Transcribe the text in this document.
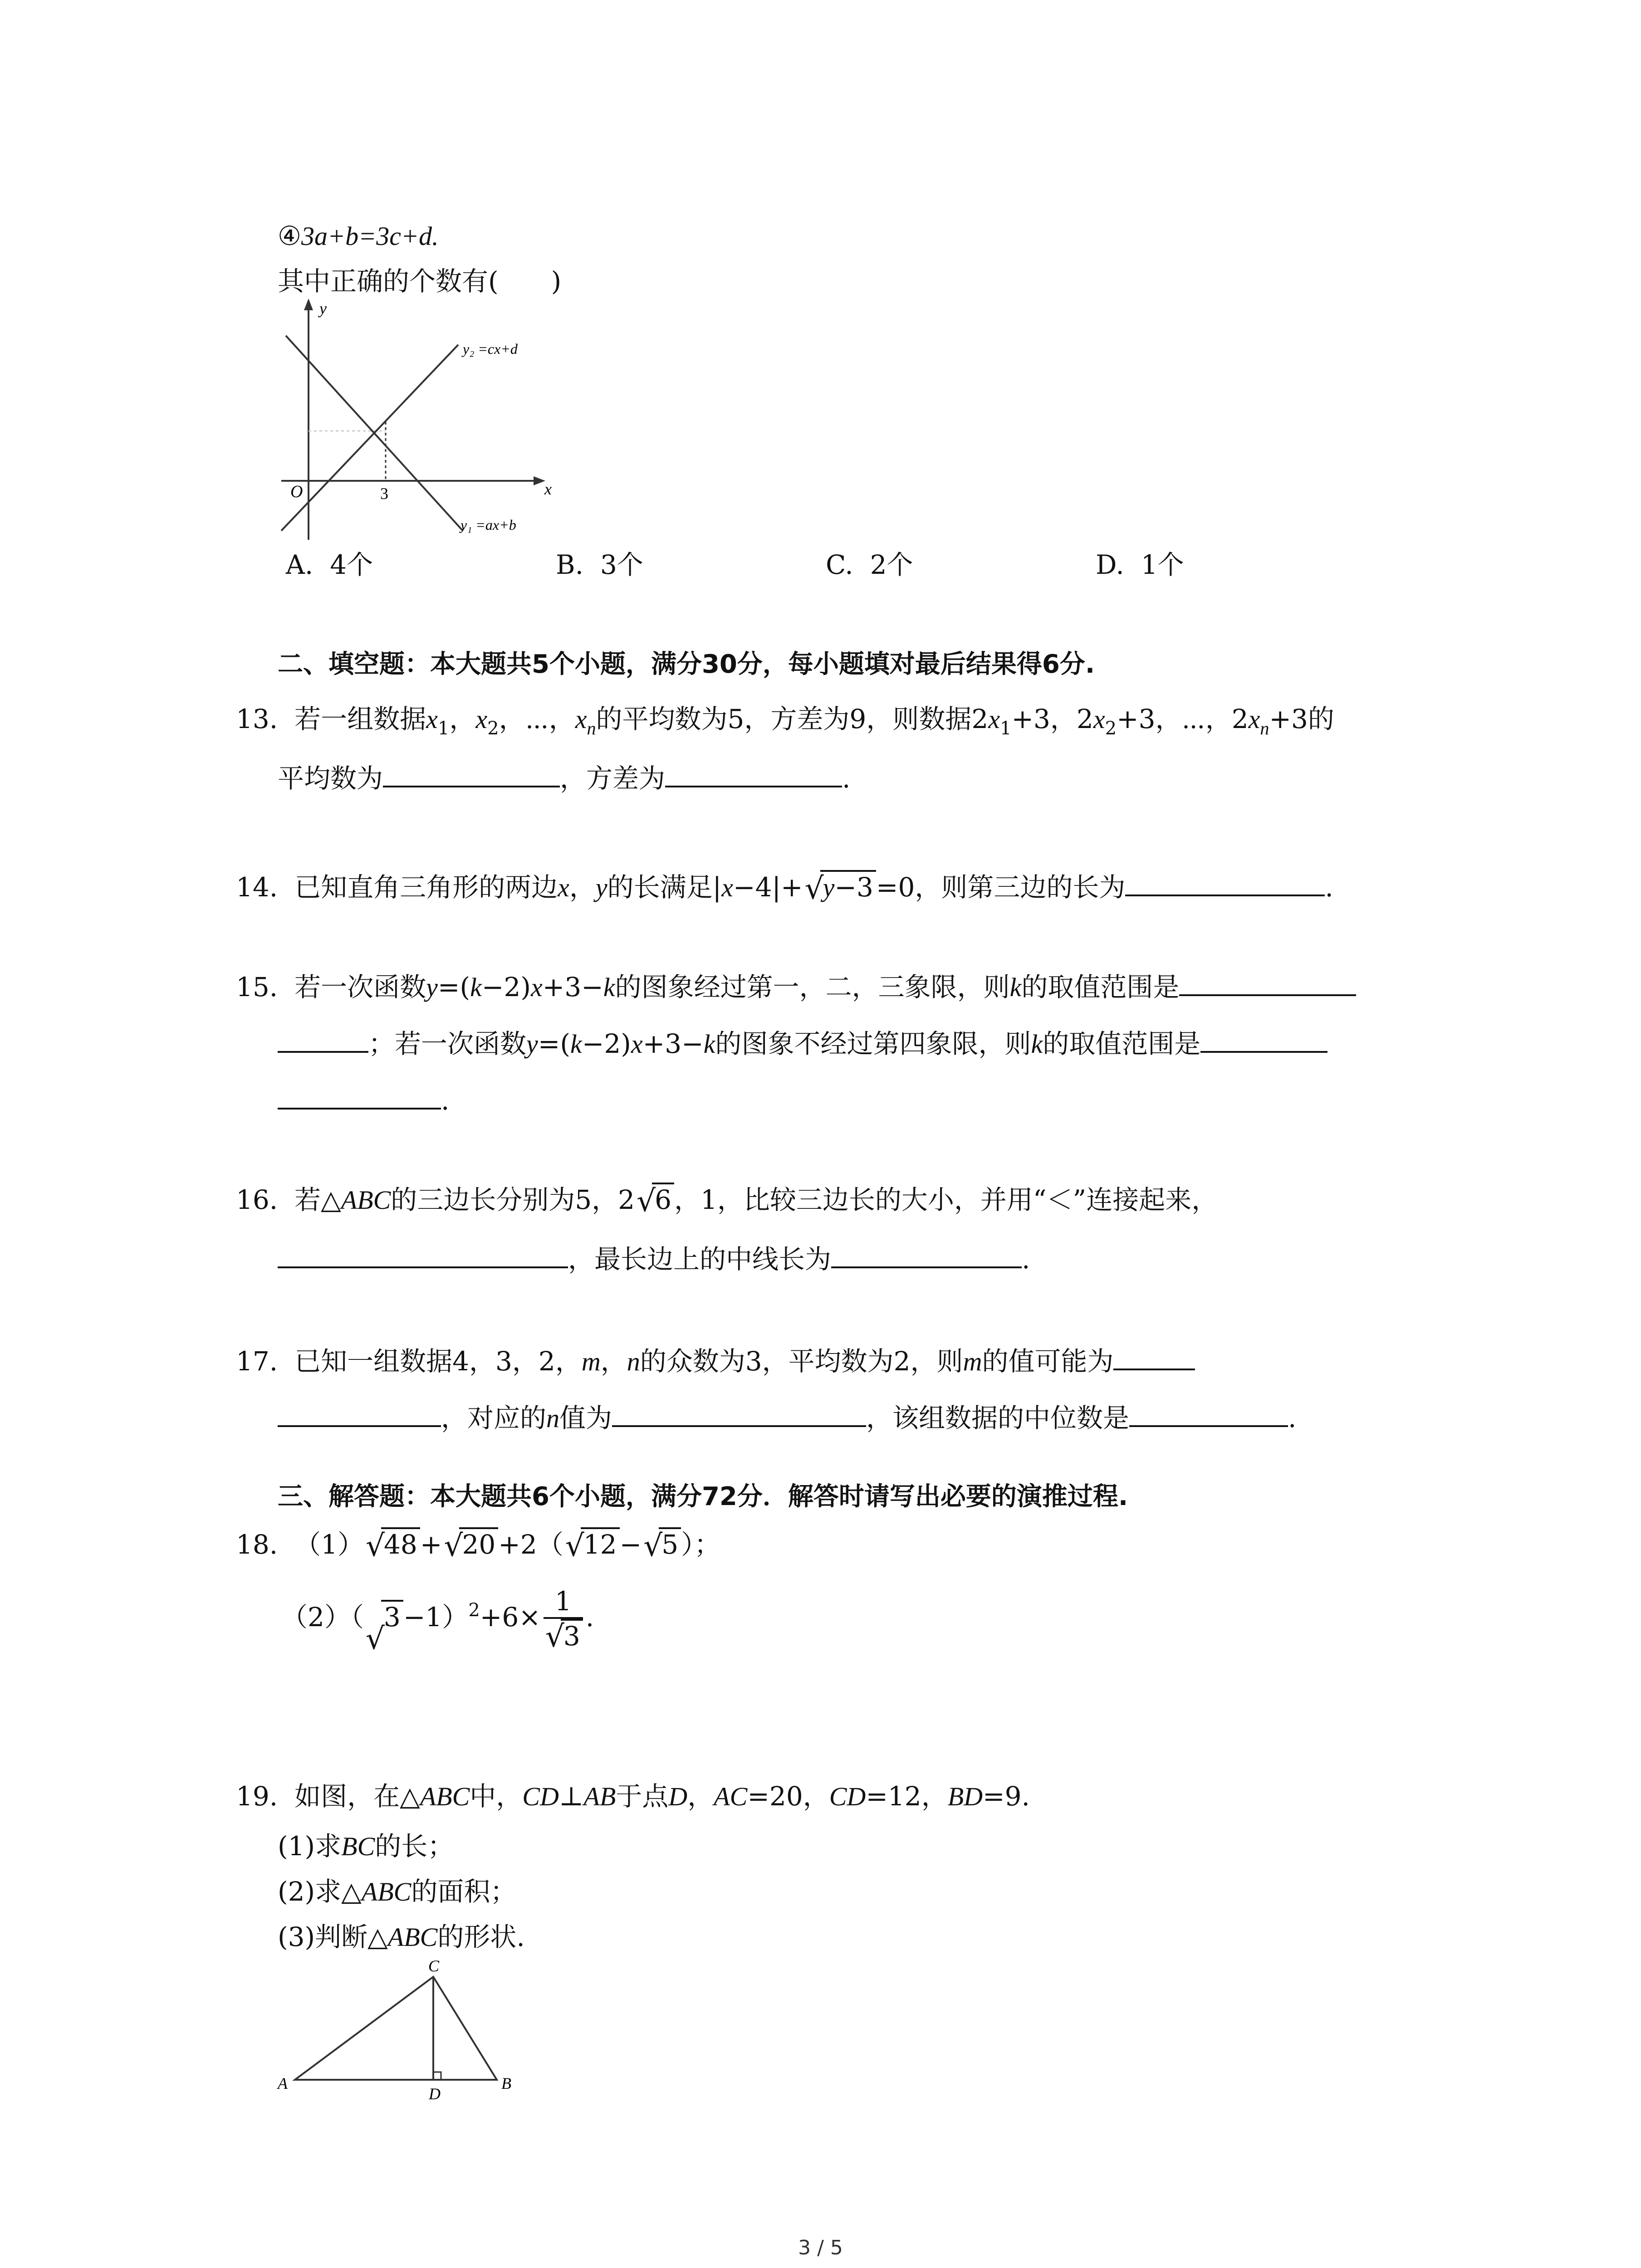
④3a+b=3c+d.
其中正确的个数有(　　)
y
x
O	3
y₂ =cx+d
y₁ =ax+b
A. 4个	B. 3个	C. 2个	D. 1个
二、填空题：本大题共5个小题，满分30分，每小题填对最后结果得6分.
13. 若一组数据$x_1$，$x_2$，⋯，$x_n$的平均数为5，方差为9，则数据$2x_1+3$，$2x_2+3$，⋯，$2x_n+3$的
平均数为	，方差为	.
14. 已知直角三角形的两边x，y的长满足|x−4|+ √
y−3 =0，则第三边的长为	.
15. 若一次函数y=(k−2)x+3−k的图象经过第一，二，三象限，则k的取值范围是
；若一次函数y=(k−2)x+3−k的图象不经过第四象限，则k的取值范围是
.
16. 若△ABC的三边长分别为5，2 √
6 ，1，比较三边长的大小，并用“＜”连接起来，
，最长边上的中线长为	.
17. 已知一组数据4，3，2，m，n的众数为3，平均数为2，则m的值可能为
，对应的n值为	，该组数据的中位数是	.
三、解答题：本大题共6个小题，满分72分．解答时请写出必要的演推过程.
18. （1） √
48 + √
20 +2（ √
12 − √
5 ）；
（2）（
√
3 −1）$^2$+6× 1
√
3 .
19. 如图，在△ABC中，CD⊥AB于点D，AC=20，CD=12，BD=9.
(1)求BC的长；
(2)求△ABC的面积；
(3)判断△ABC的形状.
C
A
D
B
3 / 5
